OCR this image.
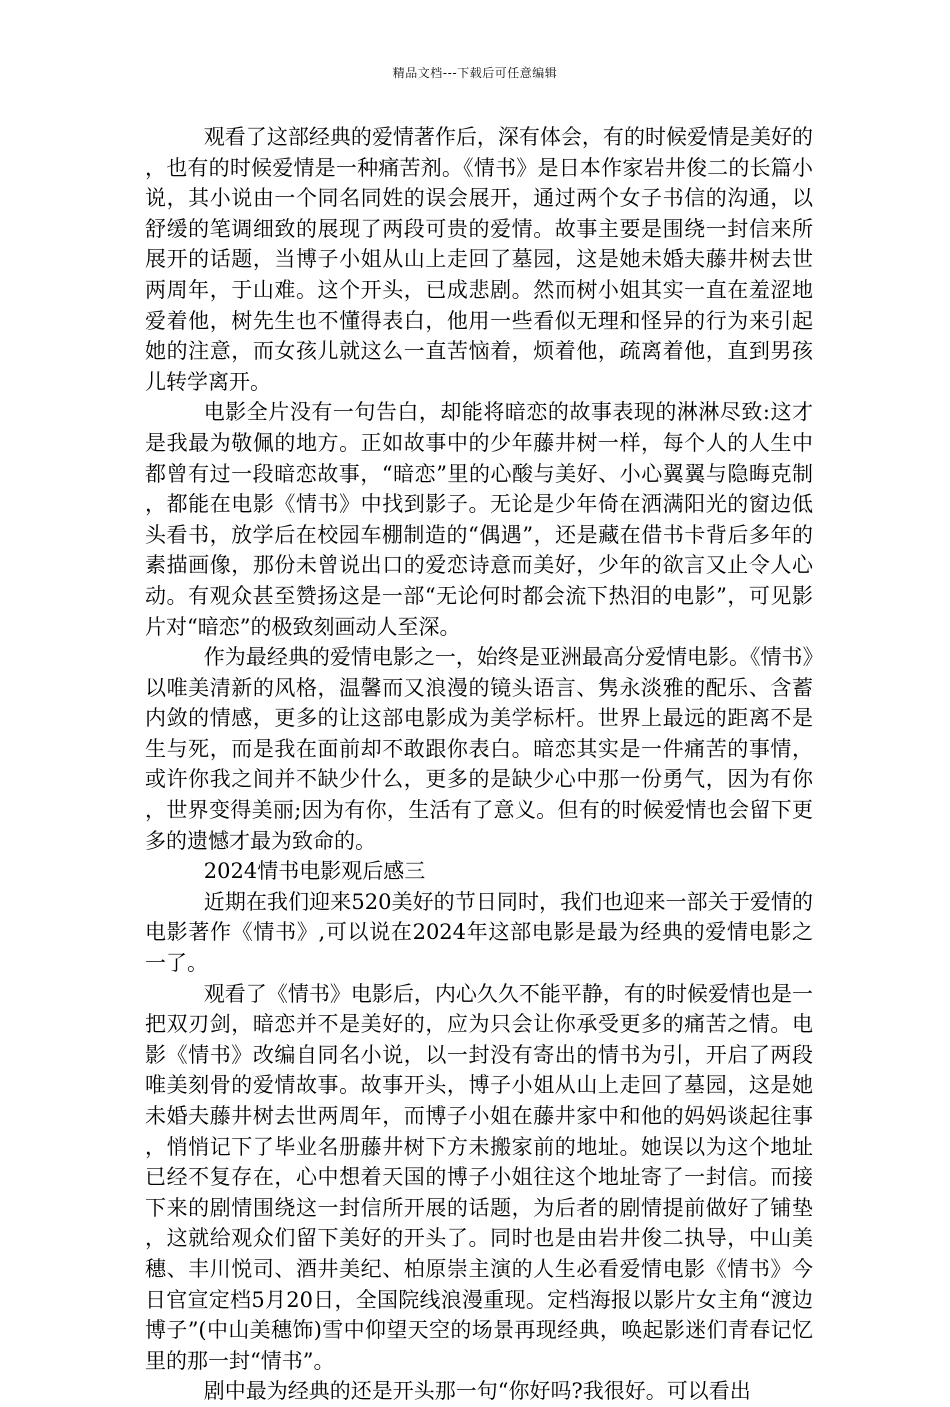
精品文档---下载后可任意编辑

观看了这部经典的爱情著作后，深有体会，有的时候爱情是美好的，也有的时候爱情是一种痛苦剂。《情书》是日本作家岩井俊二的长篇小说，其小说由一个同名同姓的误会展开，通过两个女子书信的沟通，以舒缓的笔调细致的展现了两段可贵的爱情。故事主要是围绕一封信来所展开的话题，当博子小姐从山上走回了墓园，这是她未婚夫藤井树去世两周年，于山难。这个开头，已成悲剧。然而树小姐其实一直在羞涩地爱着他，树先生也不懂得表白，他用一些看似无理和怪异的行为来引起她的注意，而女孩儿就这么一直苦恼着，烦着他，疏离着他，直到男孩儿转学离开。

电影全片没有一句告白，却能将暗恋的故事表现的淋淋尽致:这才是我最为敬佩的地方。正如故事中的少年藤井树一样，每个人的人生中都曾有过一段暗恋故事，“暗恋”里的心酸与美好、小心翼翼与隐晦克制，都能在电影《情书》中找到影子。无论是少年倚在洒满阳光的窗边低头看书，放学后在校园车棚制造的“偶遇”，还是藏在借书卡背后多年的素描画像，那份未曾说出口的爱恋诗意而美好，少年的欲言又止令人心动。有观众甚至赞扬这是一部“无论何时都会流下热泪的电影”，可见影片对“暗恋”的极致刻画动人至深。

作为最经典的爱情电影之一，始终是亚洲最高分爱情电影。《情书》以唯美清新的风格，温馨而又浪漫的镜头语言、隽永淡雅的配乐、含蓄内敛的情感，更多的让这部电影成为美学标杆。世界上最远的距离不是生与死，而是我在面前却不敢跟你表白。暗恋其实是一件痛苦的事情，或许你我之间并不缺少什么，更多的是缺少心中那一份勇气，因为有你，世界变得美丽;因为有你，生活有了意义。但有的时候爱情也会留下更多的遗憾才最为致命的。

2024情书电影观后感三

近期在我们迎来520美好的节日同时，我们也迎来一部关于爱情的电影著作《情书》,可以说在2024年这部电影是最为经典的爱情电影之一了。

观看了《情书》电影后，内心久久不能平静，有的时候爱情也是一把双刃剑，暗恋并不是美好的，应为只会让你承受更多的痛苦之情。电影《情书》改编自同名小说，以一封没有寄出的情书为引，开启了两段唯美刻骨的爱情故事。故事开头，博子小姐从山上走回了墓园，这是她未婚夫藤井树去世两周年，而博子小姐在藤井家中和他的妈妈谈起往事，悄悄记下了毕业名册藤井树下方未搬家前的地址。她误以为这个地址已经不复存在，心中想着天国的博子小姐往这个地址寄了一封信。而接下来的剧情围绕这一封信所开展的话题，为后者的剧情提前做好了铺垫，这就给观众们留下美好的开头了。同时也是由岩井俊二执导，中山美穗、丰川悦司、酒井美纪、柏原崇主演的人生必看爱情电影《情书》今日官宣定档5月20日，全国院线浪漫重现。定档海报以影片女主角“渡边博子”(中山美穗饰)雪中仰望天空的场景再现经典，唤起影迷们青春记忆里的那一封“情书”。

剧中最为经典的还是开头那一句“你好吗?我很好。可以看出
